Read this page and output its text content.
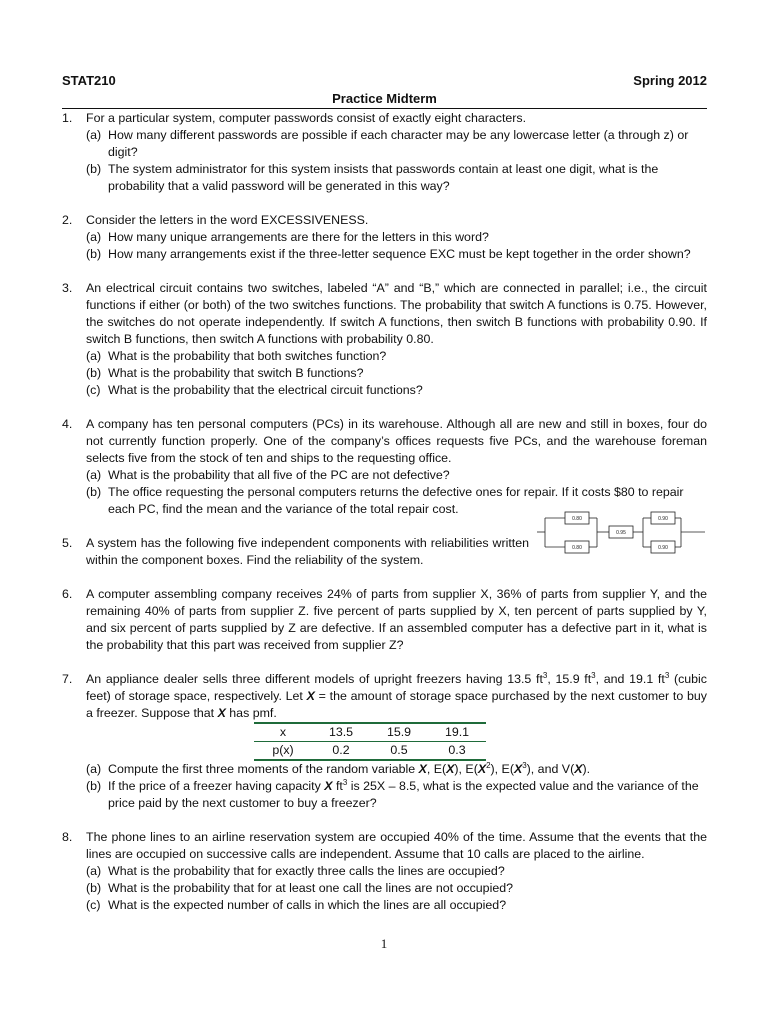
STAT210	Spring 2012
Practice Midterm
1. For a particular system, computer passwords consist of exactly eight characters.
(a) How many different passwords are possible if each character may be any lowercase letter (a through z) or digit?
(b) The system administrator for this system insists that passwords contain at least one digit, what is the probability that a valid password will be generated in this way?
2. Consider the letters in the word EXCESSIVENESS.
(a) How many unique arrangements are there for the letters in this word?
(b) How many arrangements exist if the three-letter sequence EXC must be kept together in the order shown?
3. An electrical circuit contains two switches, labeled “A” and “B,” which are connected in parallel; i.e., the circuit functions if either (or both) of the two switches functions. The probability that switch A functions is 0.75. However, the switches do not operate independently. If switch A functions, then switch B functions with probability 0.90. If switch B functions, then switch A functions with probability 0.80.
(a) What is the probability that both switches function?
(b) What is the probability that switch B functions?
(c) What is the probability that the electrical circuit functions?
4. A company has ten personal computers (PCs) in its warehouse. Although all are new and still in boxes, four do not currently function properly. One of the company’s offices requests five PCs, and the warehouse foreman selects five from the stock of ten and ships to the requesting office.
(a) What is the probability that all five of the PC are not defective?
(b) The office requesting the personal computers returns the defective ones for repair. If it costs $80 to repair each PC, find the mean and the variance of the total repair cost.
5. A system has the following five independent components with reliabilities written within the component boxes. Find the reliability of the system.
6. A computer assembling company receives 24% of parts from supplier X, 36% of parts from supplier Y, and the remaining 40% of parts from supplier Z. five percent of parts supplied by X, ten percent of parts supplied by Y, and six percent of parts supplied by Z are defective. If an assembled computer has a defective part in it, what is the probability that this part was received from supplier Z?
7. An appliance dealer sells three different models of upright freezers having 13.5 $ft^3$, 15.9 $ft^3$, and 19.1 $ft^3$ (cubic feet) of storage space, respectively. Let X = the amount of storage space purchased by the next customer to buy a freezer. Suppose that X has pmf.
x	13.5	15.9	19.1
p(x)	0.2	0.5	0.3
(a) Compute the first three moments of the random variable X, E(X), $E(X^2)$, $E(X^3)$, and V(X).
(b) If the price of a freezer having capacity X $ft^3$ is 25X – 8.5, what is the expected value and the variance of the price paid by the next customer to buy a freezer?
8. The phone lines to an airline reservation system are occupied 40% of the time. Assume that the events that the lines are occupied on successive calls are independent. Assume that 10 calls are placed to the airline.
(a) What is the probability that for exactly three calls the lines are occupied?
(b) What is the probability that for at least one call the lines are not occupied?
(c) What is the expected number of calls in which the lines are all occupied?
0.80
0.80
0.95
0.90
0.90
1
